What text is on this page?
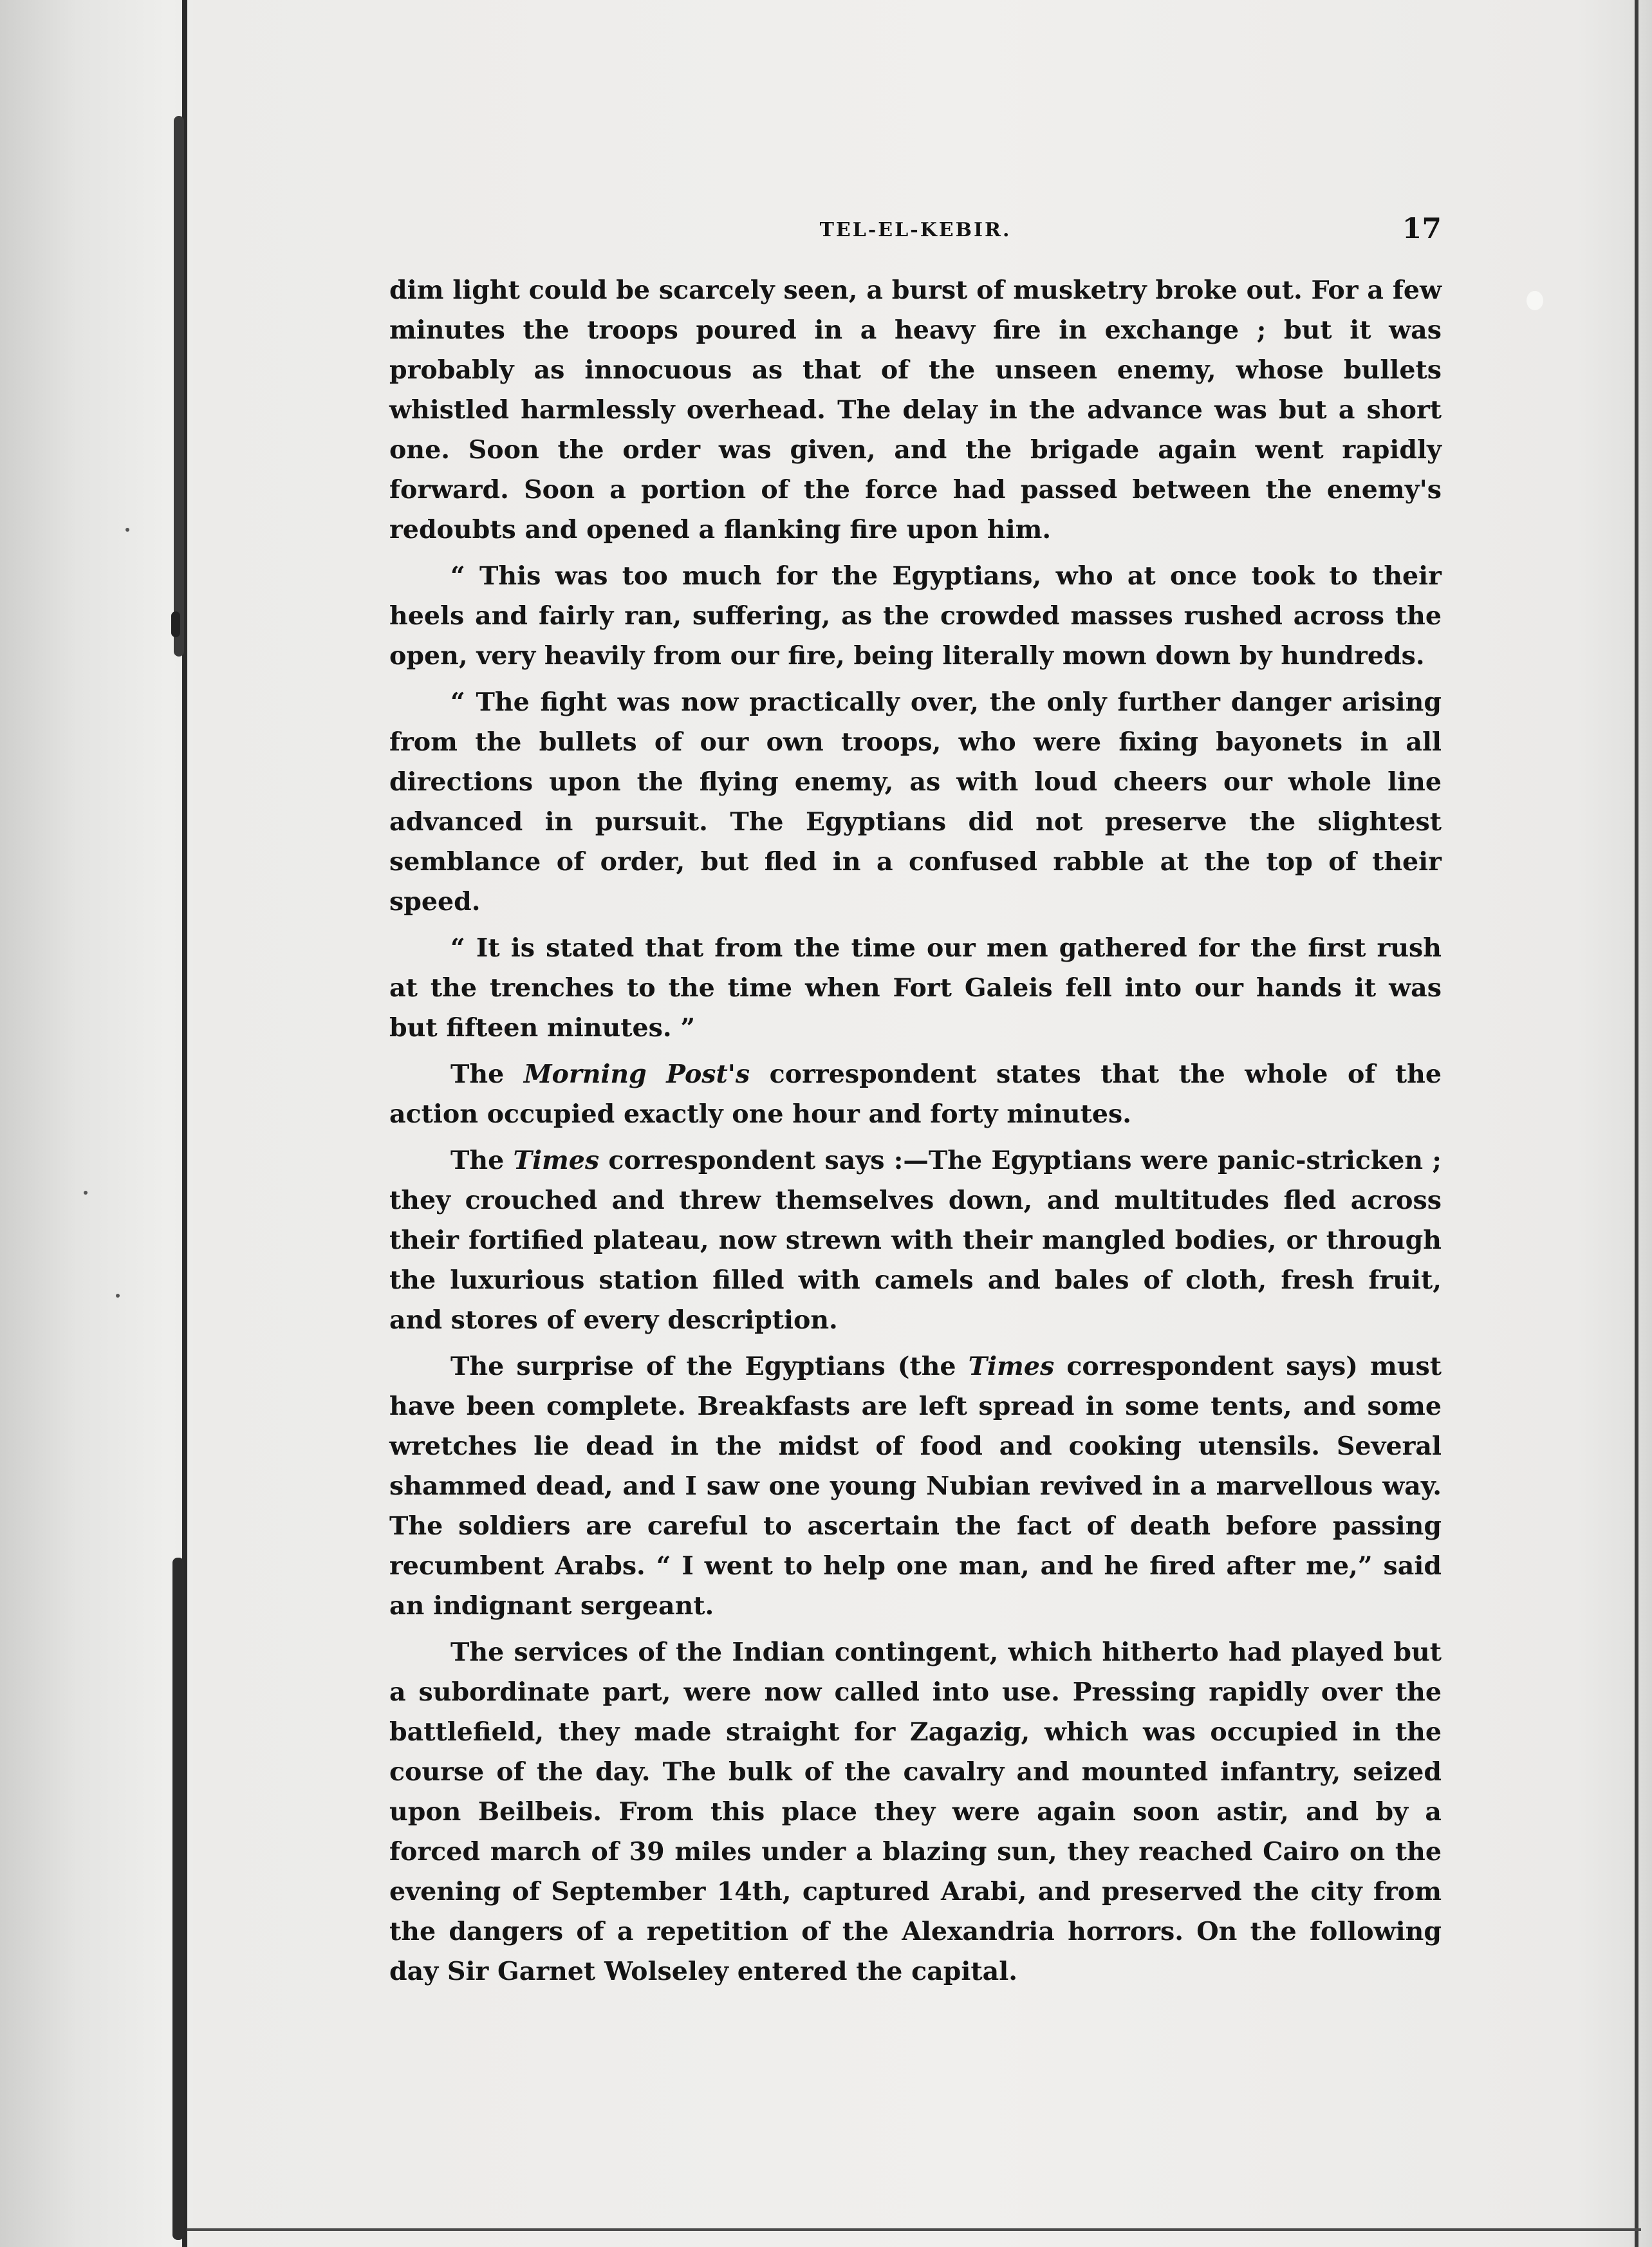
TEL-EL-KEBIR.	17

dim light could be scarcely seen, a burst of musketry broke out. For a few minutes the troops poured in a heavy fire in exchange ; but it was probably as innocuous as that of the unseen enemy, whose bullets whistled harmlessly overhead. The delay in the advance was but a short one. Soon the order was given, and the brigade again went rapidly forward. Soon a portion of the force had passed between the enemy's redoubts and opened a flanking fire upon him.

“ This was too much for the Egyptians, who at once took to their heels and fairly ran, suffering, as the crowded masses rushed across the open, very heavily from our fire, being literally mown down by hundreds.

“ The fight was now practically over, the only further danger arising from the bullets of our own troops, who were fixing bayonets in all directions upon the flying enemy, as with loud cheers our whole line advanced in pursuit. The Egyptians did not preserve the slightest semblance of order, but fled in a confused rabble at the top of their speed.

“ It is stated that from the time our men gathered for the first rush at the trenches to the time when Fort Galeis fell into our hands it was but fifteen minutes. ”

The Morning Post's correspondent states that the whole of the action occupied exactly one hour and forty minutes.

The Times correspondent says :—The Egyptians were panic-stricken ; they crouched and threw themselves down, and multitudes fled across their fortified plateau, now strewn with their mangled bodies, or through the luxurious station filled with camels and bales of cloth, fresh fruit, and stores of every description.

The surprise of the Egyptians (the Times correspondent says) must have been complete. Breakfasts are left spread in some tents, and some wretches lie dead in the midst of food and cooking utensils. Several shammed dead, and I saw one young Nubian revived in a marvellous way. The soldiers are careful to ascertain the fact of death before passing recumbent Arabs. “ I went to help one man, and he fired after me,” said an indignant sergeant.

The services of the Indian contingent, which hitherto had played but a subordinate part, were now called into use. Pressing rapidly over the battlefield, they made straight for Zagazig, which was occupied in the course of the day. The bulk of the cavalry and mounted infantry, seized upon Beilbeis. From this place they were again soon astir, and by a forced march of 39 miles under a blazing sun, they reached Cairo on the evening of September 14th, captured Arabi, and preserved the city from the dangers of a repetition of the Alexandria horrors. On the following day Sir Garnet Wolseley entered the capital.
